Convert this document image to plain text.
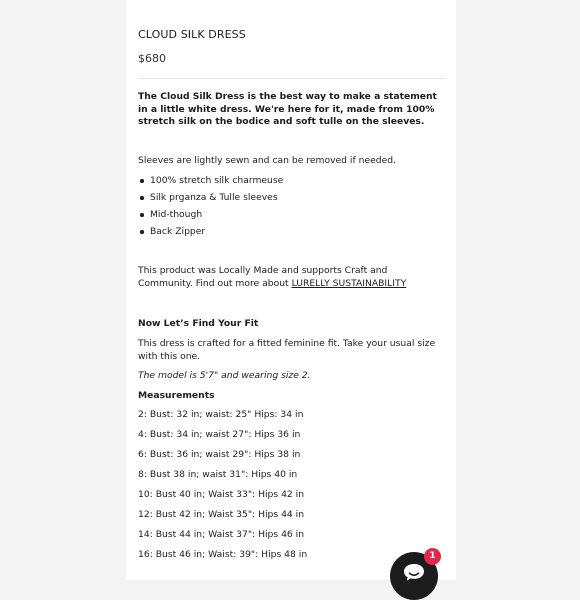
CLOUD SILK DRESS
$680
The Cloud Silk Dress is the best way to make a statement in a little white dress. We're here for it, made from 100% stretch silk on the bodice and soft tulle on the sleeves.
Sleeves are lightly sewn and can be removed if needed.
100% stretch silk charmeuse
Silk prganza & Tulle sleeves
Mid-though
Back Zipper
This product was Locally Made and supports Craft and Community. Find out more about LURELLY SUSTAINABILITY
Now Let’s Find Your Fit
This dress is crafted for a fitted feminine fit. Take your usual size with this one.
The model is 5'7" and wearing size 2.
Measurements
2: Bust: 32 in; waist: 25" Hips: 34 in
4: Bust: 34 in; waist 27": Hips 36 in
6: Bust: 36 in; waist 29": Hips 38 in
8: Bust 38 in; waist 31": Hips 40 in
10: Bust 40 in; Waist 33": Hips 42 in
12: Bust 42 in; Waist 35": Hips 44 in
14: Bust 44 in; Waist 37": Hips 46 in
16: Bust 46 in; Waist: 39": Hips 48 in	1
